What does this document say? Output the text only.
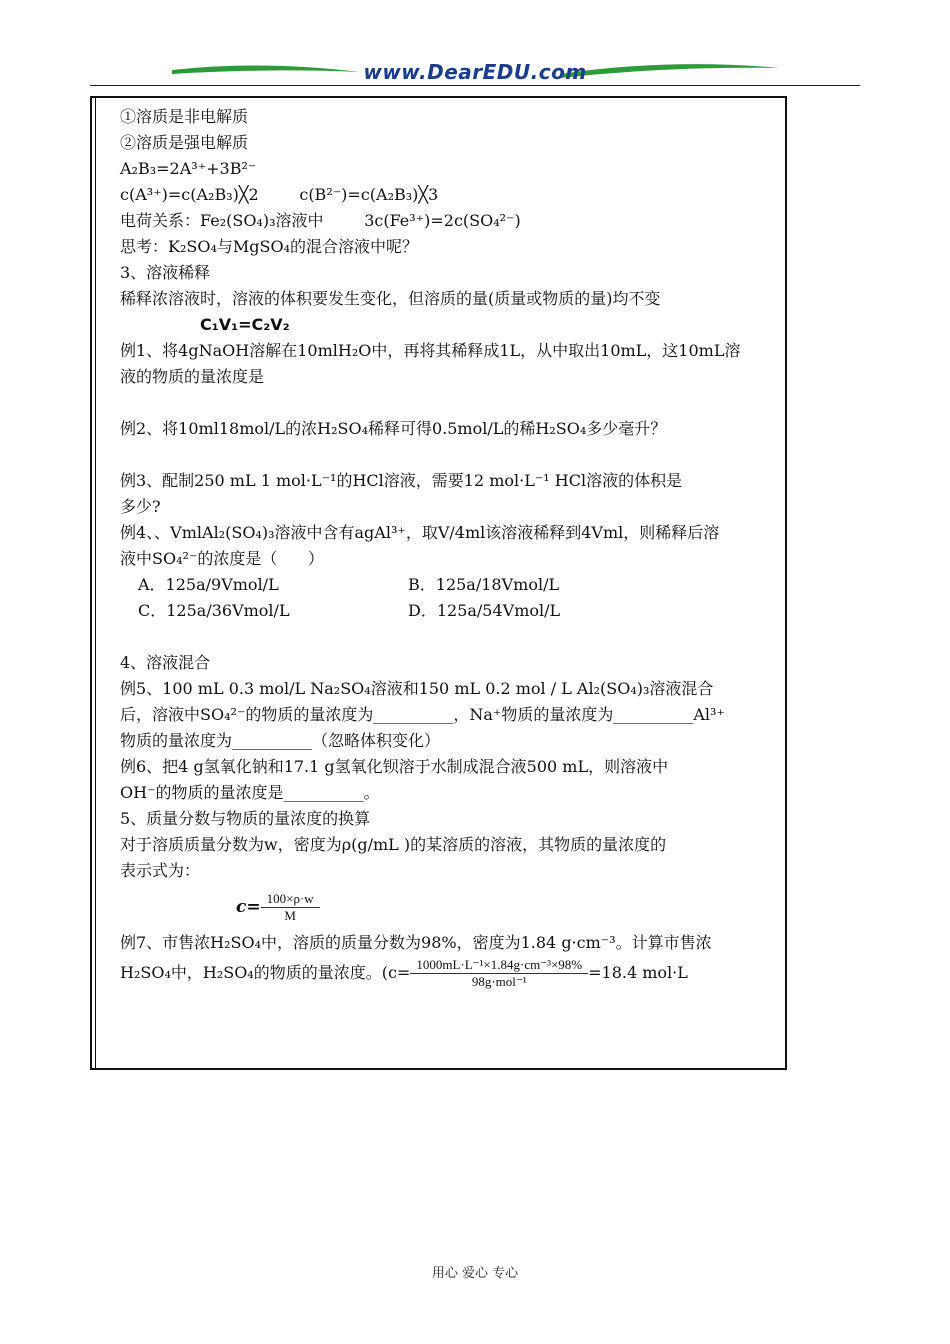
www.DearEDU.com

①溶质是非电解质

②溶质是强电解质

A₂B₃=2A³⁺+3B²⁻

c(A³⁺)=c(A₂B₃)╳2        c(B²⁻)=c(A₂B₃)╳3

电荷关系：Fe₂(SO₄)₃溶液中        3c(Fe³⁺)=2c(SO₄²⁻)

思考：K₂SO₄与MgSO₄的混合溶液中呢？

3、溶液稀释

稀释浓溶液时，溶液的体积要发生变化，但溶质的量(质量或物质的量)均不变

C₁V₁=C₂V₂

例1、将4gNaOH溶解在10mlH₂O中，再将其稀释成1L，从中取出10mL，这10mL溶

液的物质的量浓度是

例2、将10ml18mol/L的浓H₂SO₄稀释可得0.5mol/L的稀H₂SO₄多少毫升？

例3、配制250 mL 1 mol·L⁻¹的HCl溶液，需要12 mol·L⁻¹ HCl溶液的体积是

多少?

例4、、VmlAl₂(SO₄)₃溶液中含有agAl³⁺，取V/4ml该溶液稀释到4Vml，则稀释后溶

液中SO₄²⁻的浓度是（      ）

A．125a/9Vmol/L	B．125a/18Vmol/L
C．125a/36Vmol/L	D．125a/54Vmol/L

4、溶液混合

例5、100 mL 0.3 mol/L Na₂SO₄溶液和150 mL 0.2 mol / L Al₂(SO₄)₃溶液混合

后，溶液中SO₄²⁻的物质的量浓度为__________，Na⁺物质的量浓度为__________Al³⁺

物质的量浓度为__________（忽略体积变化）

例6、把4 g氢氧化钠和17.1 g氢氧化钡溶于水制成混合液500 mL，则溶液中

OH⁻的物质的量浓度是__________。

5、质量分数与物质的量浓度的换算

对于溶质质量分数为w，密度为ρ(g/mL )的某溶质的溶液，其物质的量浓度的

表示式为：

$c= \frac{100\times\rho\cdot w}{M}$

例7、市售浓H₂SO₄中，溶质的质量分数为98%，密度为1.84 g·cm⁻³。计算市售浓

H₂SO₄中，H₂SO₄的物质的量浓度。($c= \frac{\text{1000mL·L⁻¹×1.84g·cm⁻³×98\%}}{\text{98g·mol⁻¹}} =18.4$ mol·L

用心 爱心 专心
